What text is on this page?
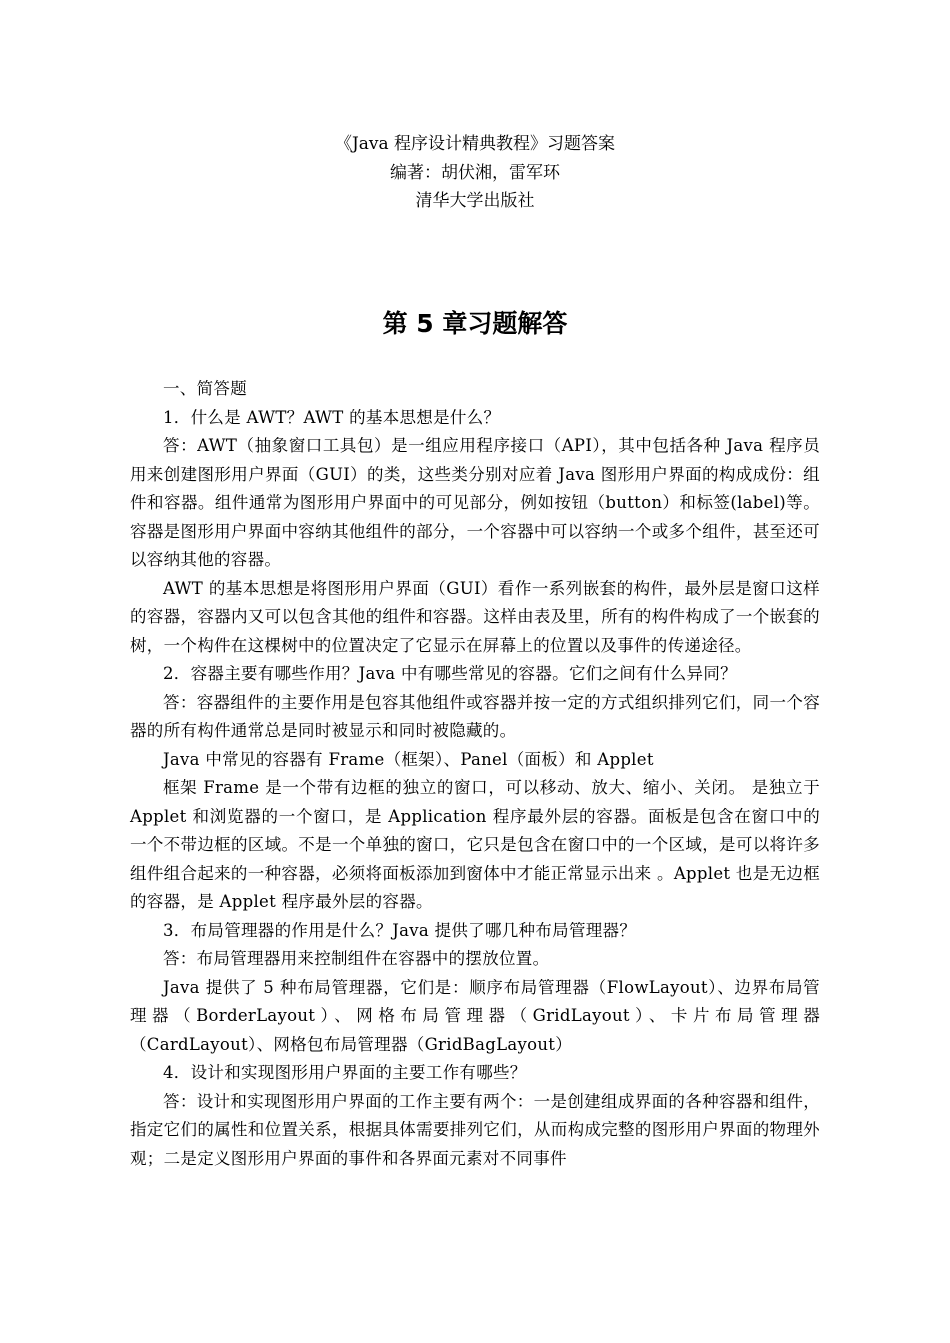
《Java 程序设计精典教程》习题答案
编著：胡伏湘，雷军环
清华大学出版社
第 5 章习题解答

一、简答题

1．什么是 AWT？AWT 的基本思想是什么？

答：AWT（抽象窗口工具包）是一组应用程序接口（API），其中包括各种 Java 程序员用来创建图形用户界面（GUI）的类，这些类分别对应着 Java 图形用户界面的构成成份：组件和容器。组件通常为图形用户界面中的可见部分，例如按钮（button）和标签(label)等。容器是图形用户界面中容纳其他组件的部分，一个容器中可以容纳一个或多个组件，甚至还可以容纳其他的容器。

AWT 的基本思想是将图形用户界面（GUI）看作一系列嵌套的构件，最外层是窗口这样的容器，容器内又可以包含其他的组件和容器。这样由表及里，所有的构件构成了一个嵌套的树，一个构件在这棵树中的位置决定了它显示在屏幕上的位置以及事件的传递途径。

2．容器主要有哪些作用？Java 中有哪些常见的容器。它们之间有什么异同？

答：容器组件的主要作用是包容其他组件或容器并按一定的方式组织排列它们，同一个容器的所有构件通常总是同时被显示和同时被隐藏的。

Java 中常见的容器有 Frame（框架）、Panel（面板）和 Applet

框架 Frame 是一个带有边框的独立的窗口，可以移动、放大、缩小、关闭。 是独立于 Applet 和浏览器的一个窗口，是 Application 程序最外层的容器。面板是包含在窗口中的一个不带边框的区域。不是一个单独的窗口，它只是包含在窗口中的一个区域，是可以将许多组件组合起来的一种容器，必须将面板添加到窗体中才能正常显示出来 。Applet 也是无边框的容器，是 Applet 程序最外层的容器。

3．布局管理器的作用是什么？Java 提供了哪几种布局管理器？

答：布局管理器用来控制组件在容器中的摆放位置。

Java 提供了 5 种布局管理器，它们是：顺序布局管理器（FlowLayout）、边界布局管理器（BorderLayout）、网格布局管理器（GridLayout）、卡片布局管理器（CardLayout）、网格包布局管理器（GridBagLayout）

4．设计和实现图形用户界面的主要工作有哪些？

答：设计和实现图形用户界面的工作主要有两个：一是创建组成界面的各种容器和组件，指定它们的属性和位置关系，根据具体需要排列它们，从而构成完整的图形用户界面的物理外观；二是定义图形用户界面的事件和各界面元素对不同事件
